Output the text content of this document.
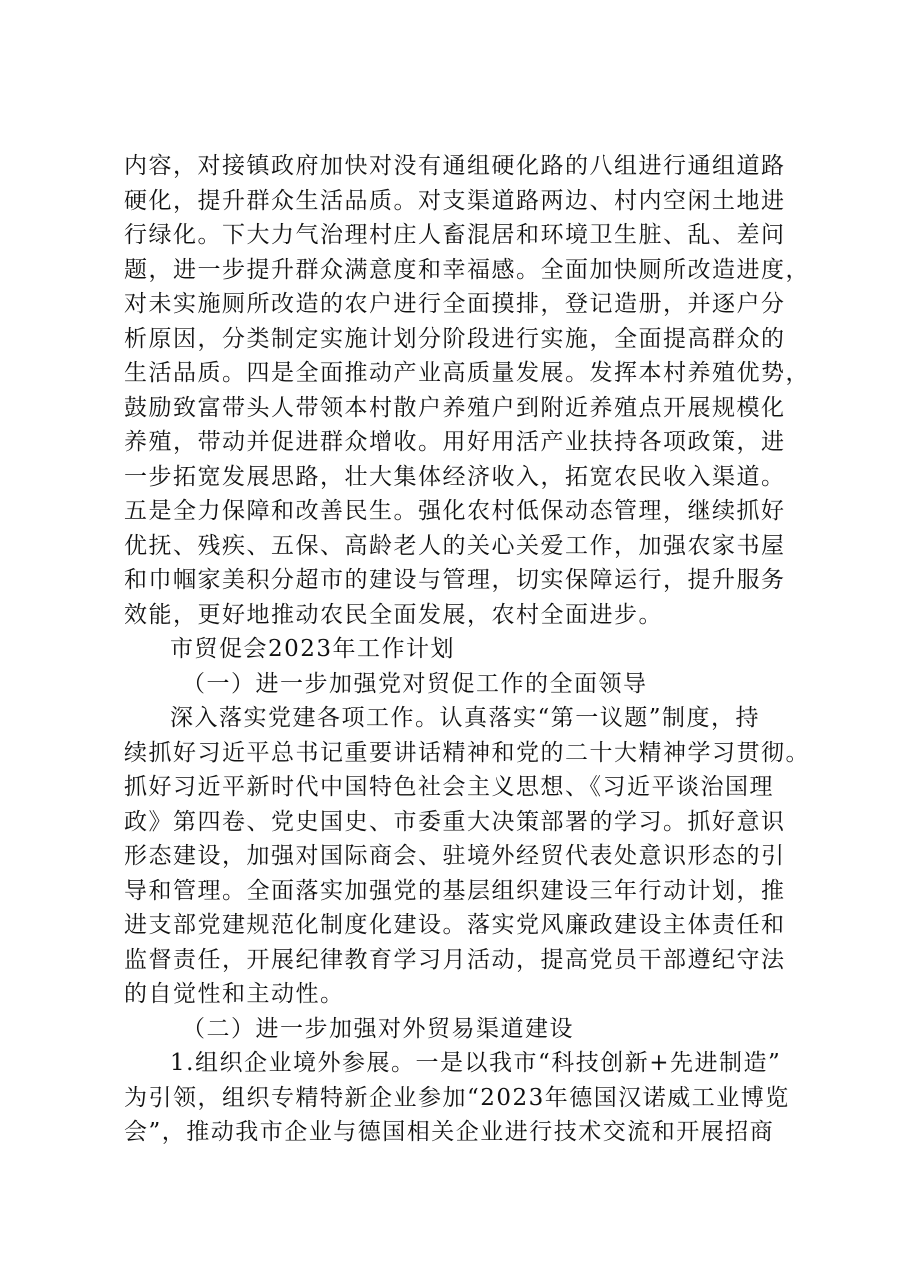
内容，对接镇政府加快对没有通组硬化路的八组进行通组道路
硬化，提升群众生活品质。对支渠道路两边、村内空闲土地进
行绿化。下大力气治理村庄人畜混居和环境卫生脏、乱、差问
题，进一步提升群众满意度和幸福感。全面加快厕所改造进度，
对未实施厕所改造的农户进行全面摸排，登记造册，并逐户分
析原因，分类制定实施计划分阶段进行实施，全面提高群众的
生活品质。四是全面推动产业高质量发展。发挥本村养殖优势，
鼓励致富带头人带领本村散户养殖户到附近养殖点开展规模化
养殖，带动并促进群众增收。用好用活产业扶持各项政策，进
一步拓宽发展思路，壮大集体经济收入，拓宽农民收入渠道。
五是全力保障和改善民生。强化农村低保动态管理，继续抓好
优抚、残疾、五保、高龄老人的关心关爱工作，加强农家书屋
和巾帼家美积分超市的建设与管理，切实保障运行，提升服务
效能，更好地推动农民全面发展，农村全面进步。
市贸促会2023年工作计划
（一）进一步加强党对贸促工作的全面领导
深入落实党建各项工作。认真落实“第一议题”制度，持
续抓好习近平总书记重要讲话精神和党的二十大精神学习贯彻。
抓好习近平新时代中国特色社会主义思想、《习近平谈治国理
政》第四卷、党史国史、市委重大决策部署的学习。抓好意识
形态建设，加强对国际商会、驻境外经贸代表处意识形态的引
导和管理。全面落实加强党的基层组织建设三年行动计划，推
进支部党建规范化制度化建设。落实党风廉政建设主体责任和
监督责任，开展纪律教育学习月活动，提高党员干部遵纪守法
的自觉性和主动性。
（二）进一步加强对外贸易渠道建设
1.组织企业境外参展。一是以我市“科技创新+先进制造”
为引领，组织专精特新企业参加“2023年德国汉诺威工业博览
会”，推动我市企业与德国相关企业进行技术交流和开展招商
